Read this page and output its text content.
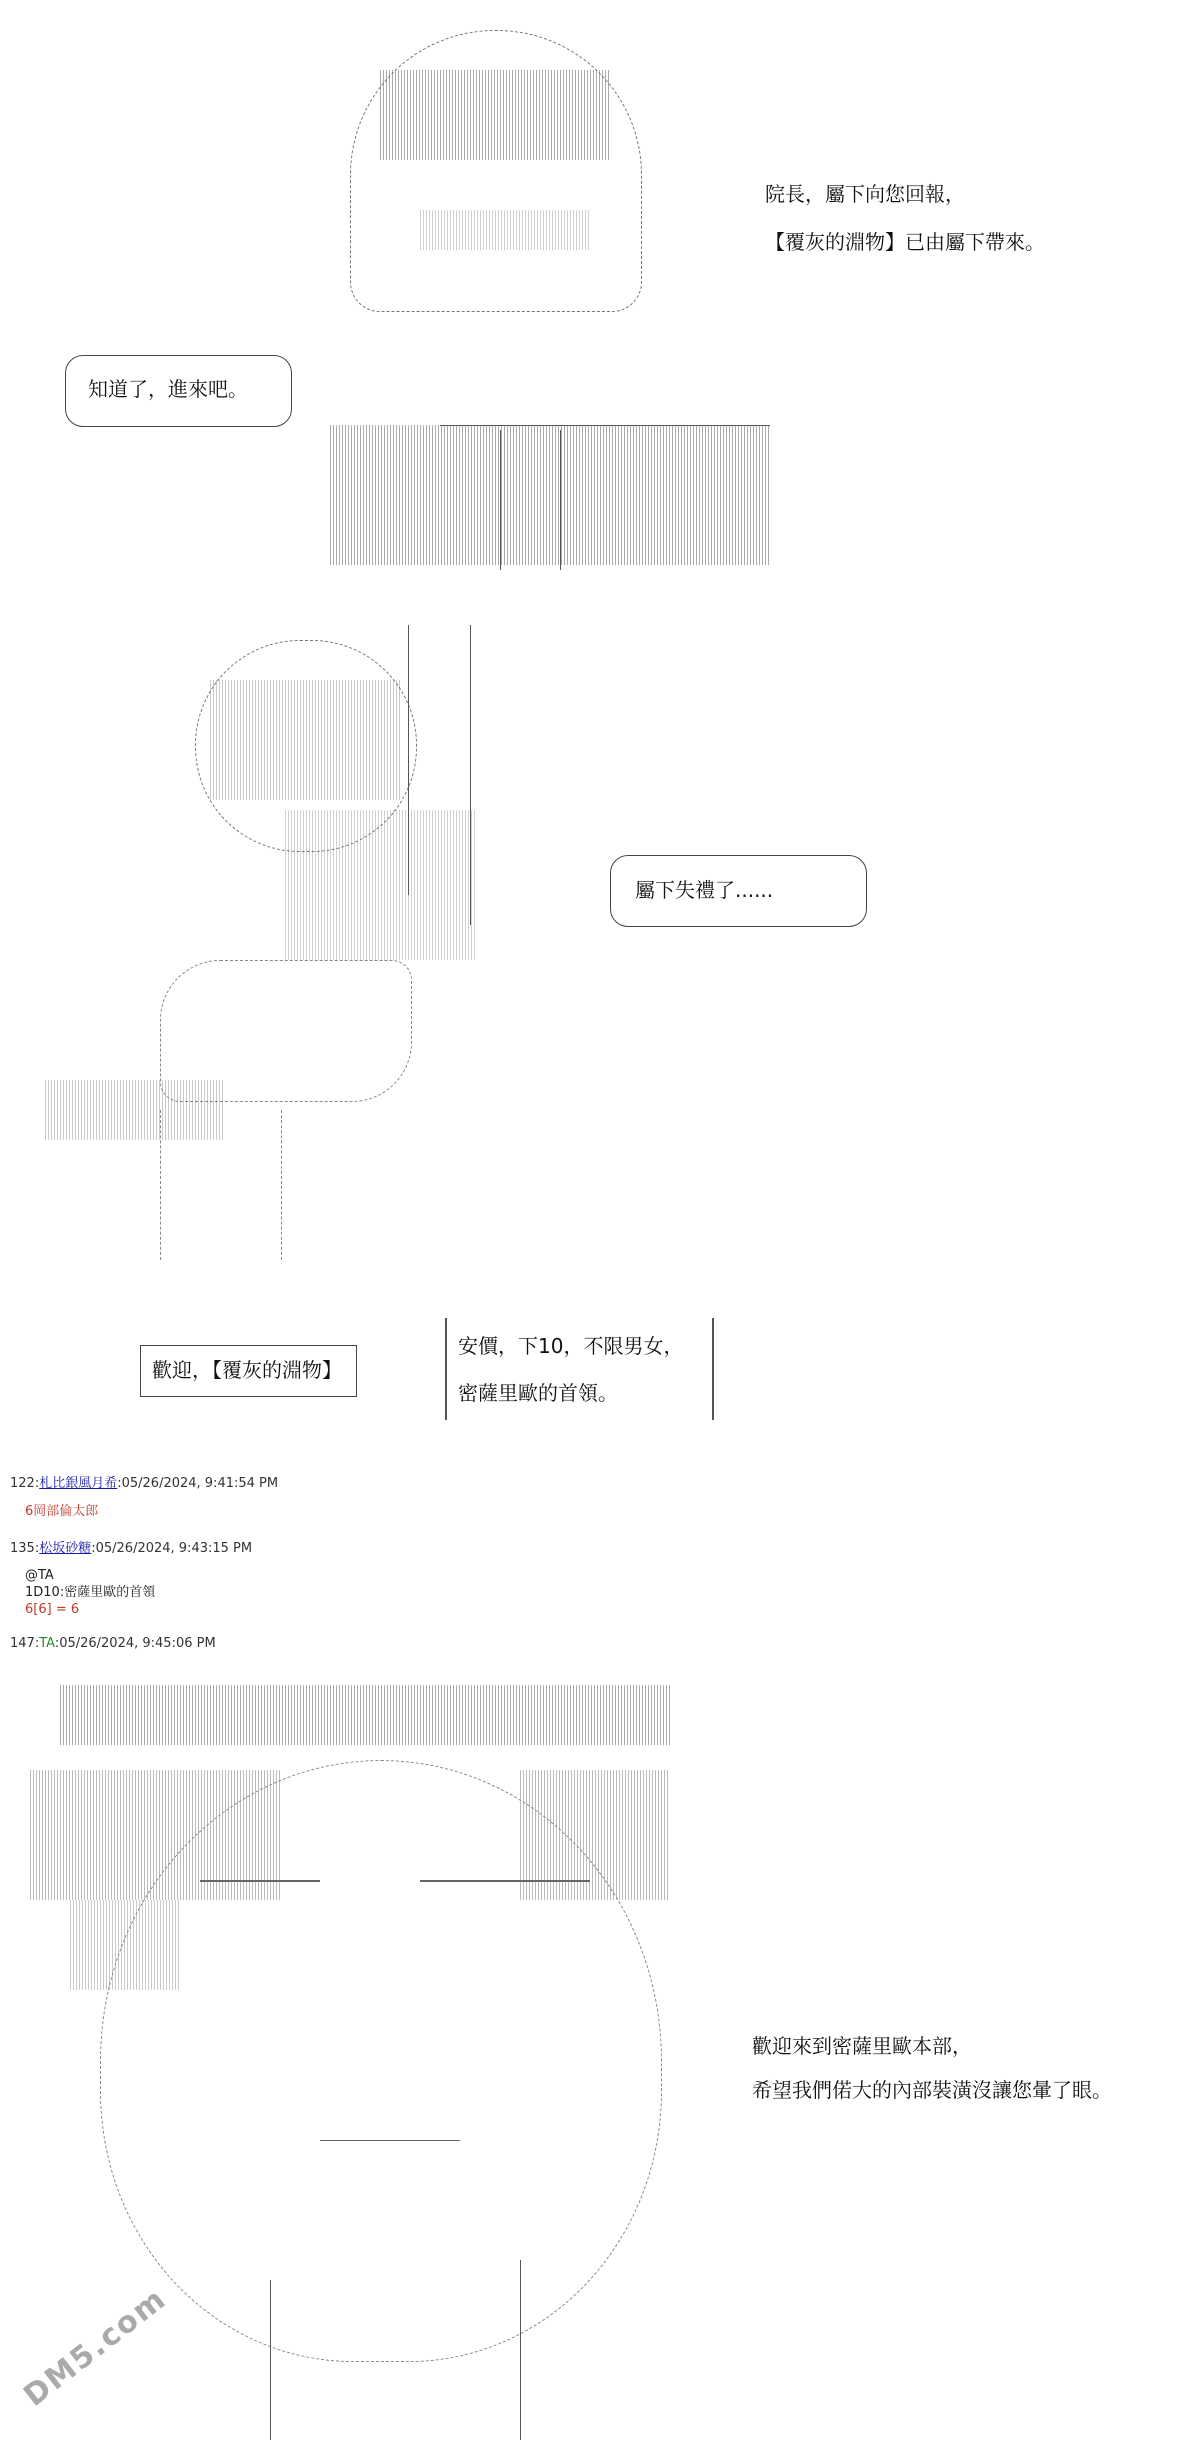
院長，屬下向您回報，
【覆灰的淵物】已由屬下帶來。
知道了，進來吧。
屬下失禮了......
歡迎，【覆灰的淵物】
安價，下10，不限男女，
密薩里歐的首領。
122:札比銀風月希:05/26/2024, 9:41:54 PM
6岡部倫太郎
135:松坂砂糖:05/26/2024, 9:43:15 PM
@TA
1D10:密薩里歐的首領
6[6] = 6
147:TA:05/26/2024, 9:45:06 PM
歡迎來到密薩里歐本部，
希望我們偌大的內部裝潢沒讓您暈了眼。
DM5.com
